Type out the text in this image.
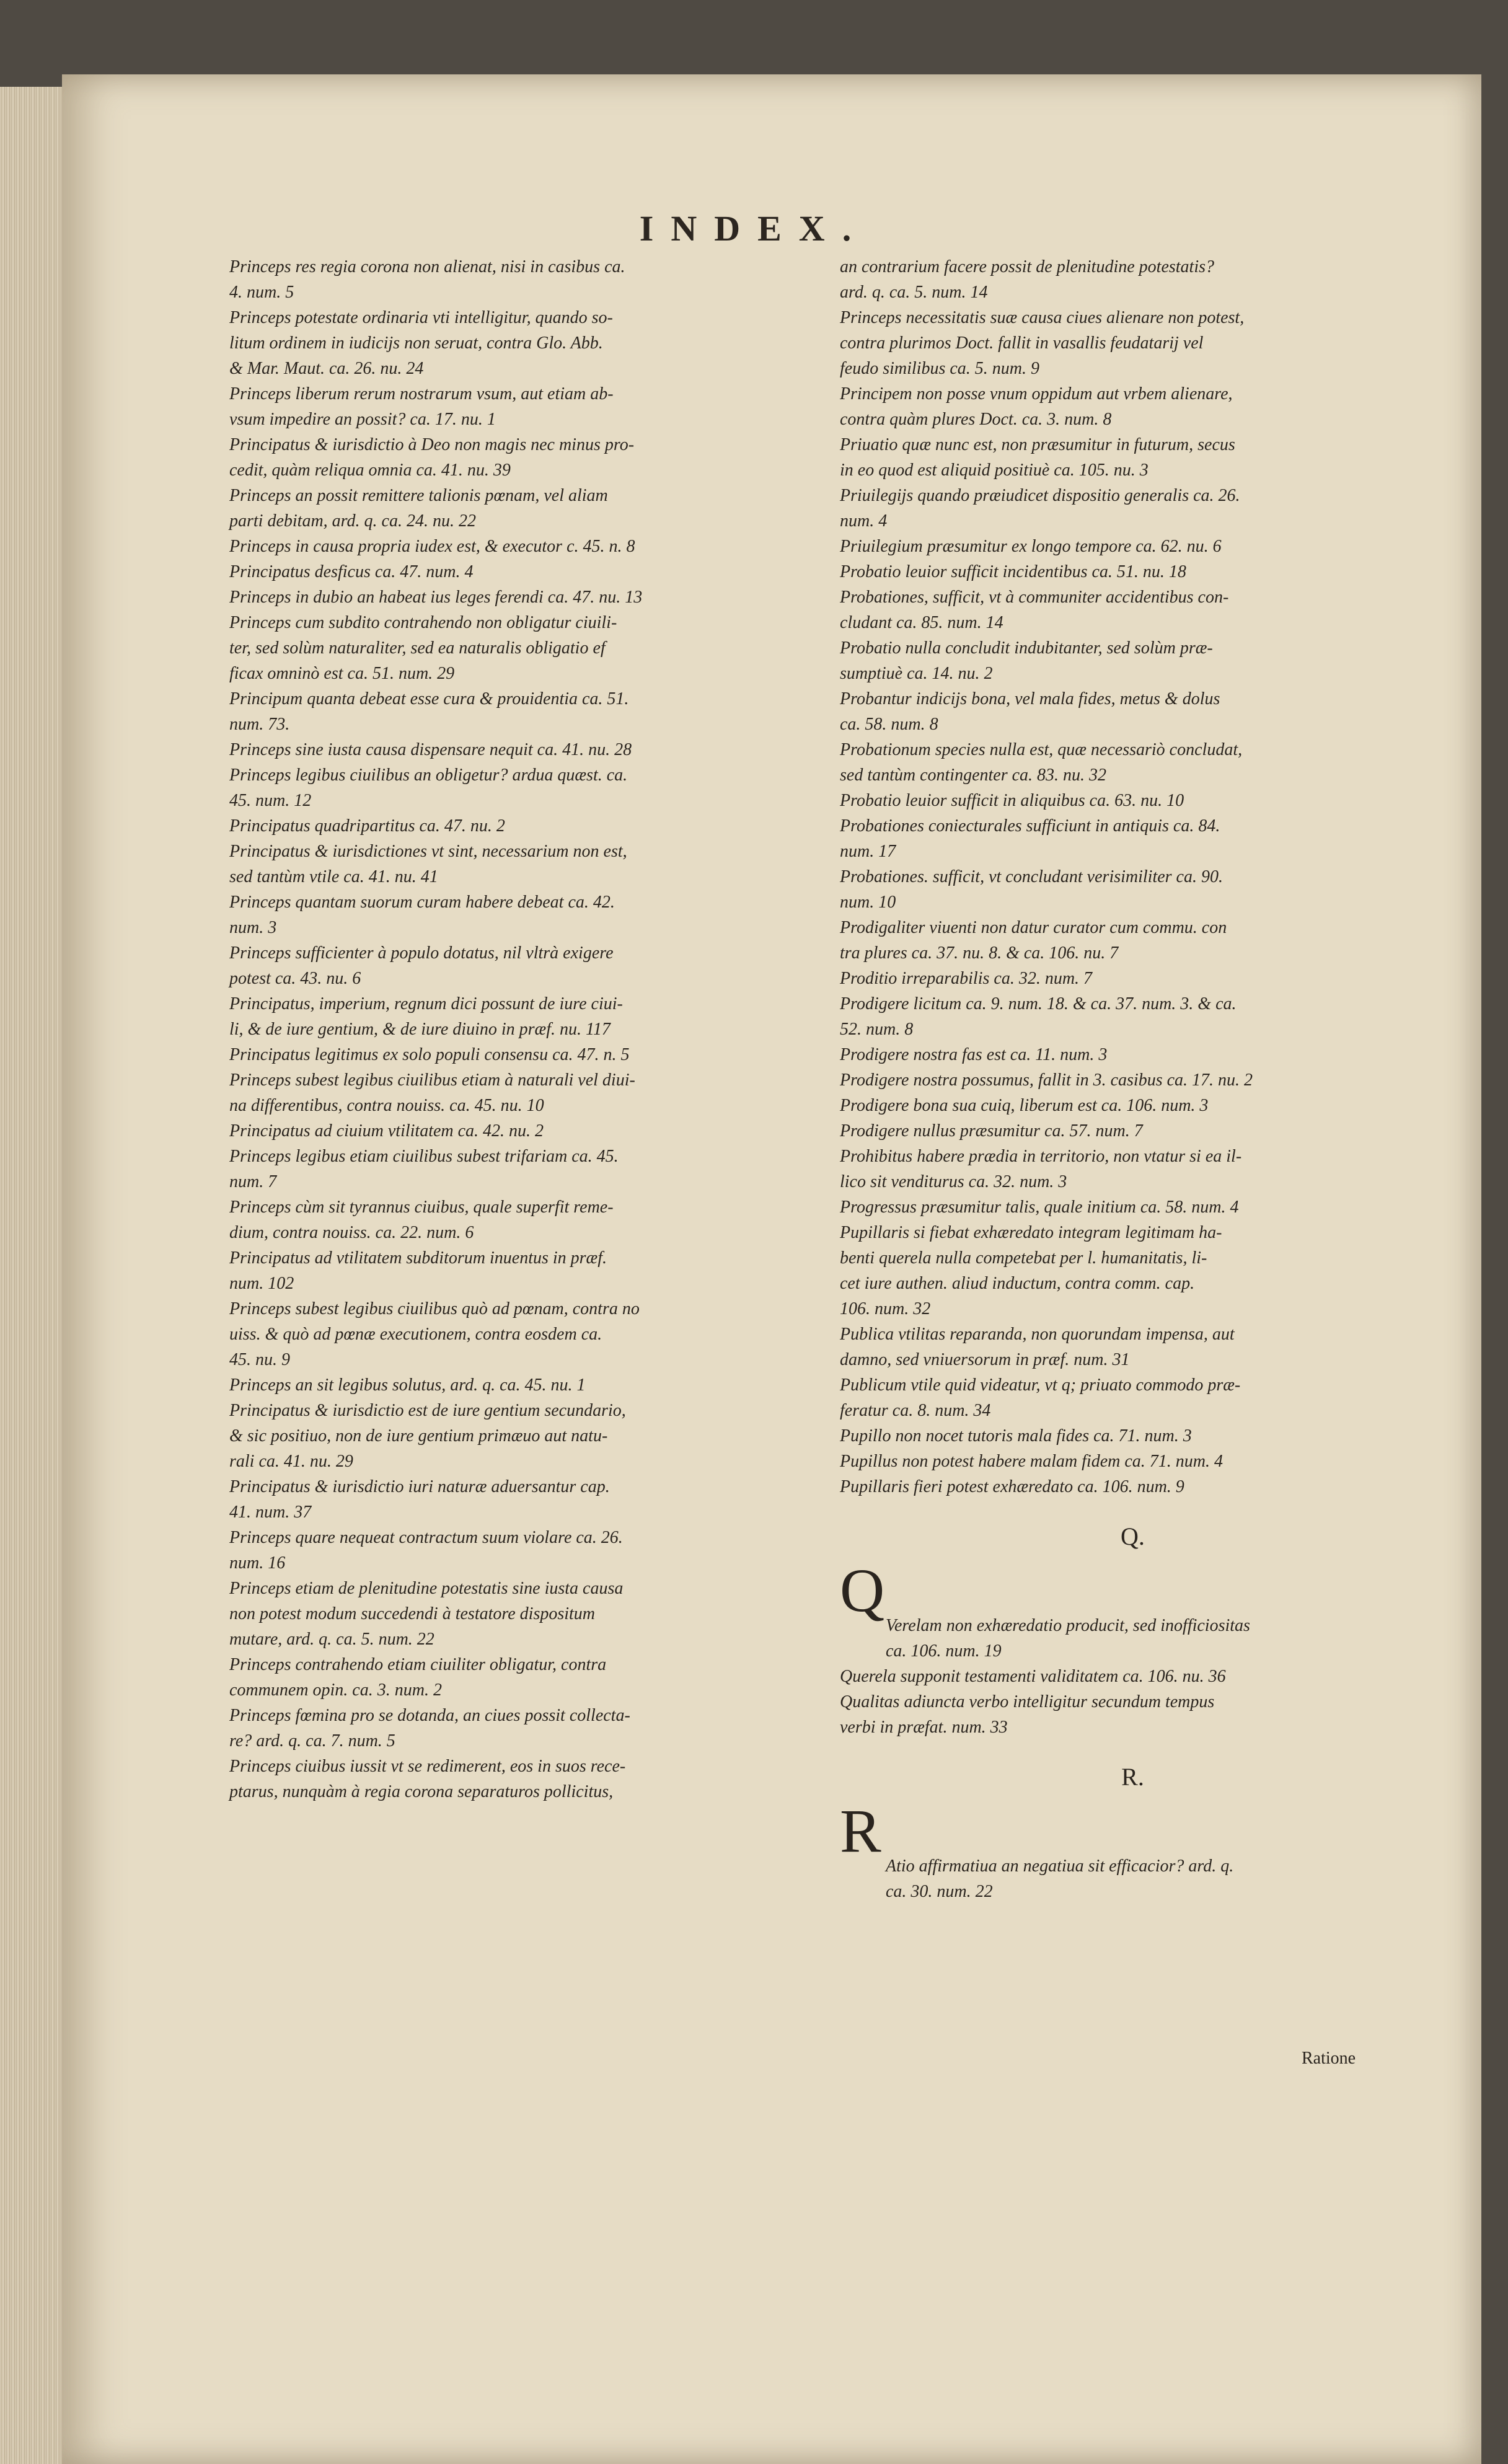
INDEX.

Princeps res regia corona non alienat, nisi in casibus ca.
4. num. 5

Princeps potestate ordinaria vti intelligitur, quando so-
litum ordinem in iudicijs non seruat, contra Glo. Abb.
& Mar. Maut. ca. 26. nu. 24

Princeps liberum rerum nostrarum vsum, aut etiam ab-
vsum impedire an possit? ca. 17. nu. 1

Principatus & iurisdictio à Deo non magis nec minus pro-
cedit, quàm reliqua omnia ca. 41. nu. 39

Princeps an possit remittere talionis pœnam, vel aliam
parti debitam, ard. q. ca. 24. nu. 22

Princeps in causa propria iudex est, & executor c. 45. n. 8

Principatus desficus ca. 47. num. 4

Princeps in dubio an habeat ius leges ferendi ca. 47. nu. 13

Princeps cum subdito contrahendo non obligatur ciuili-
ter, sed solùm naturaliter, sed ea naturalis obligatio ef
ficax omninò est ca. 51. num. 29

Principum quanta debeat esse cura & prouidentia ca. 51.
num. 73.

Princeps sine iusta causa dispensare nequit ca. 41. nu. 28

Princeps legibus ciuilibus an obligetur? ardua quæst. ca.
45. num. 12

Principatus quadripartitus ca. 47. nu. 2

Principatus & iurisdictiones vt sint, necessarium non est,
sed tantùm vtile ca. 41. nu. 41

Princeps quantam suorum curam habere debeat ca. 42.
num. 3

Princeps sufficienter à populo dotatus, nil vltrà exigere
potest ca. 43. nu. 6

Principatus, imperium, regnum dici possunt de iure ciui-
li, & de iure gentium, & de iure diuino in præf. nu. 117

Principatus legitimus ex solo populi consensu ca. 47. n. 5

Princeps subest legibus ciuilibus etiam à naturali vel diui-
na differentibus, contra nouiss. ca. 45. nu. 10

Principatus ad ciuium vtilitatem ca. 42. nu. 2

Princeps legibus etiam ciuilibus subest trifariam ca. 45.
num. 7

Princeps cùm sit tyrannus ciuibus, quale superfit reme-
dium, contra nouiss. ca. 22. num. 6

Principatus ad vtilitatem subditorum inuentus in præf.
num. 102

Princeps subest legibus ciuilibus quò ad pœnam, contra no
uiss. & quò ad pœnæ executionem, contra eosdem ca.
45. nu. 9

Princeps an sit legibus solutus, ard. q. ca. 45. nu. 1

Principatus & iurisdictio est de iure gentium secundario,
& sic positiuo, non de iure gentium primæuo aut natu-
rali ca. 41. nu. 29

Principatus & iurisdictio iuri naturæ aduersantur cap.
41. num. 37

Princeps quare nequeat contractum suum violare ca. 26.
num. 16

Princeps etiam de plenitudine potestatis sine iusta causa
non potest modum succedendi à testatore dispositum
mutare, ard. q. ca. 5. num. 22

Princeps contrahendo etiam ciuiliter obligatur, contra
communem opin. ca. 3. num. 2

Princeps fœmina pro se dotanda, an ciues possit collecta-
re? ard. q. ca. 7. num. 5

Princeps ciuibus iussit vt se redimerent, eos in suos rece-
ptarus, nunquàm à regia corona separaturos pollicitus,

an contrarium facere possit de plenitudine potestatis?
ard. q. ca. 5. num. 14

Princeps necessitatis suæ causa ciues alienare non potest,
contra plurimos Doct. fallit in vasallis feudatarij vel
feudo similibus ca. 5. num. 9

Principem non posse vnum oppidum aut vrbem alienare,
contra quàm plures Doct. ca. 3. num. 8

Priuatio quæ nunc est, non præsumitur in futurum, secus
in eo quod est aliquid positiuè ca. 105. nu. 3

Priuilegijs quando præiudicet dispositio generalis ca. 26.
num. 4

Priuilegium præsumitur ex longo tempore ca. 62. nu. 6

Probatio leuior sufficit incidentibus ca. 51. nu. 18

Probationes, sufficit, vt à communiter accidentibus con-
cludant ca. 85. num. 14

Probatio nulla concludit indubitanter, sed solùm præ-
sumptiuè ca. 14. nu. 2

Probantur indicijs bona, vel mala fides, metus & dolus
ca. 58. num. 8

Probationum species nulla est, quæ necessariò concludat,
sed tantùm contingenter ca. 83. nu. 32

Probatio leuior sufficit in aliquibus ca. 63. nu. 10

Probationes coniecturales sufficiunt in antiquis ca. 84.
num. 17

Probationes. sufficit, vt concludant verisimiliter ca. 90.
num. 10

Prodigaliter viuenti non datur curator cum commu. con
tra plures ca. 37. nu. 8. & ca. 106. nu. 7

Proditio irreparabilis ca. 32. num. 7

Prodigere licitum ca. 9. num. 18. & ca. 37. num. 3. & ca.
52. num. 8

Prodigere nostra fas est ca. 11. num. 3

Prodigere nostra possumus, fallit in 3. casibus ca. 17. nu. 2

Prodigere bona sua cuiq, liberum est ca. 106. num. 3

Prodigere nullus præsumitur ca. 57. num. 7

Prohibitus habere prædia in territorio, non vtatur si ea il-
lico sit venditurus ca. 32. num. 3

Progressus præsumitur talis, quale initium ca. 58. num. 4

Pupillaris si fiebat exhæredato integram legitimam ha-
benti querela nulla competebat per l. humanitatis, li-
cet iure authen. aliud inductum, contra comm. cap.
106. num. 32

Publica vtilitas reparanda, non quorundam impensa, aut
damno, sed vniuersorum in præf. num. 31

Publicum vtile quid videatur, vt q; priuato commodo præ-
feratur ca. 8. num. 34

Pupillo non nocet tutoris mala fides ca. 71. num. 3

Pupillus non potest habere malam fidem ca. 71. num. 4

Pupillaris fieri potest exhæredato ca. 106. num. 9

Q.

Q

Verelam non exhæredatio producit, sed inofficiositas
ca. 106. num. 19

Querela supponit testamenti validitatem ca. 106. nu. 36

Qualitas adiuncta verbo intelligitur secundum tempus
verbi in præfat. num. 33

R.

R

Atio affirmatiua an negatiua sit efficacior? ard. q.
ca. 30. num. 22

Ratione
